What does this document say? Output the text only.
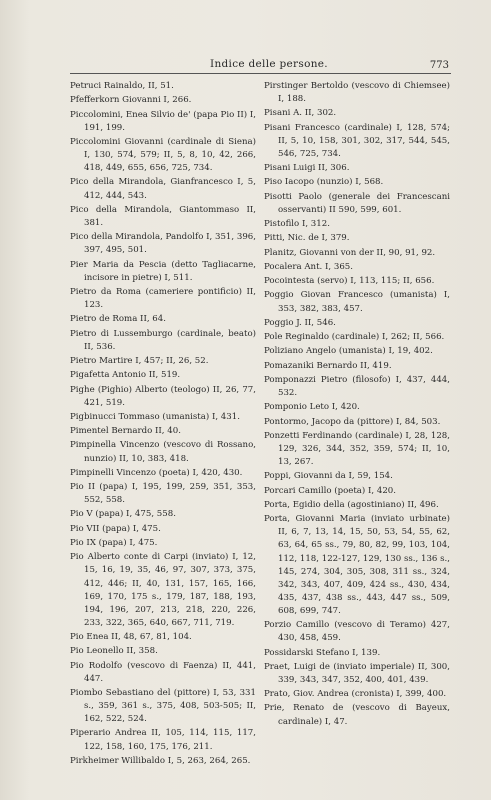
Indice delle persone.	773

Petruci Rainaldo, II, 51.

Pfefferkorn Giovanni I, 266.

Piccolomini, Enea Silvio de' (papa Pio II) I, 191, 199.

Piccolomini Giovanni (cardinale di Siena) I, 130, 574, 579; II, 5, 8, 10, 42, 266, 418, 449, 655, 656, 725, 734.

Pico della Mirandola, Gianfrancesco I, 5, 412, 444, 543.

Pico della Mirandola, Giantommaso II, 381.

Pico della Mirandola, Pandolfo I, 351, 396, 397, 495, 501.

Pier Maria da Pescia (detto Tagliacarne, incisore in pietre) I, 511.

Pietro da Roma (cameriere pontificio) II, 123.

Pietro de Roma II, 64.

Pietro di Lussemburgo (cardinale, beato) II, 536.

Pietro Martire I, 457; II, 26, 52.

Pigafetta Antonio II, 519.

Pighe (Pighio) Alberto (teologo) II, 26, 77, 421, 519.

Pigbinucci Tommaso (umanista) I, 431.

Pimentel Bernardo II, 40.

Pimpinella Vincenzo (vescovo di Rossano, nunzio) II, 10, 383, 418.

Pimpinelli Vincenzo (poeta) I, 420, 430.

Pio II (papa) I, 195, 199, 259, 351, 353, 552, 558.

Pio V (papa) I, 475, 558.

Pio VII (papa) I, 475.

Pio IX (papa) I, 475.

Pio Alberto conte di Carpi (inviato) I, 12, 15, 16, 19, 35, 46, 97, 307, 373, 375, 412, 446; II, 40, 131, 157, 165, 166, 169, 170, 175 s., 179, 187, 188, 193, 194, 196, 207, 213, 218, 220, 226, 233, 322, 365, 640, 667, 711, 719.

Pio Enea II, 48, 67, 81, 104.

Pio Leonello II, 358.

Pio Rodolfo (vescovo di Faenza) II, 441, 447.

Piombo Sebastiano del (pittore) I, 53, 331 s., 359, 361 s., 375, 408, 503-505; II, 162, 522, 524.

Piperario Andrea II, 105, 114, 115, 117, 122, 158, 160, 175, 176, 211.

Pirkheimer Willibaldo I, 5, 263, 264, 265.

Pirstinger Bertoldo (vescovo di Chiemsee) I, 188.

Pisani A. II, 302.

Pisani Francesco (cardinale) I, 128, 574; II, 5, 10, 158, 301, 302, 317, 544, 545, 546, 725, 734.

Pisani Luigi II, 306.

Piso Iacopo (nunzio) I, 568.

Pisotti Paolo (generale dei Francescani osservanti) II 590, 599, 601.

Pistofilo I, 312.

Pitti, Nic. de I, 379.

Planitz, Giovanni von der II, 90, 91, 92.

Pocalera Ant. I, 365.

Pocointesta (servo) I, 113, 115; II, 656.

Poggio Giovan Francesco (umanista) I, 353, 382, 383, 457.

Poggio J. II, 546.

Pole Reginaldo (cardinale) I, 262; II, 566.

Poliziano Angelo (umanista) I, 19, 402.

Pomazaniki Bernardo II, 419.

Pomponazzi Pietro (filosofo) I, 437, 444, 532.

Pomponio Leto I, 420.

Pontormo, Jacopo da (pittore) I, 84, 503.

Ponzetti Ferdinando (cardinale) I, 28, 128, 129, 326, 344, 352, 359, 574; II, 10, 13, 267.

Poppi, Giovanni da I, 59, 154.

Porcari Camillo (poeta) I, 420.

Porta, Egidio della (agostiniano) II, 496.

Porta, Giovanni Maria (inviato urbinate) II, 6, 7, 13, 14, 15, 50, 53, 54, 55, 62, 63, 64, 65 ss., 79, 80, 82, 99, 103, 104, 112, 118, 122-127, 129, 130 ss., 136 s., 145, 274, 304, 305, 308, 311 ss., 324, 342, 343, 407, 409, 424 ss., 430, 434, 435, 437, 438 ss., 443, 447 ss., 509, 608, 699, 747.

Porzio Camillo (vescovo di Teramo) 427, 430, 458, 459.

Possidarski Stefano I, 139.

Praet, Luigi de (inviato imperiale) II, 300, 339, 343, 347, 352, 400, 401, 439.

Prato, Giov. Andrea (cronista) I, 399, 400.

Prie, Renato de (vescovo di Bayeux, cardinale) I, 47.
